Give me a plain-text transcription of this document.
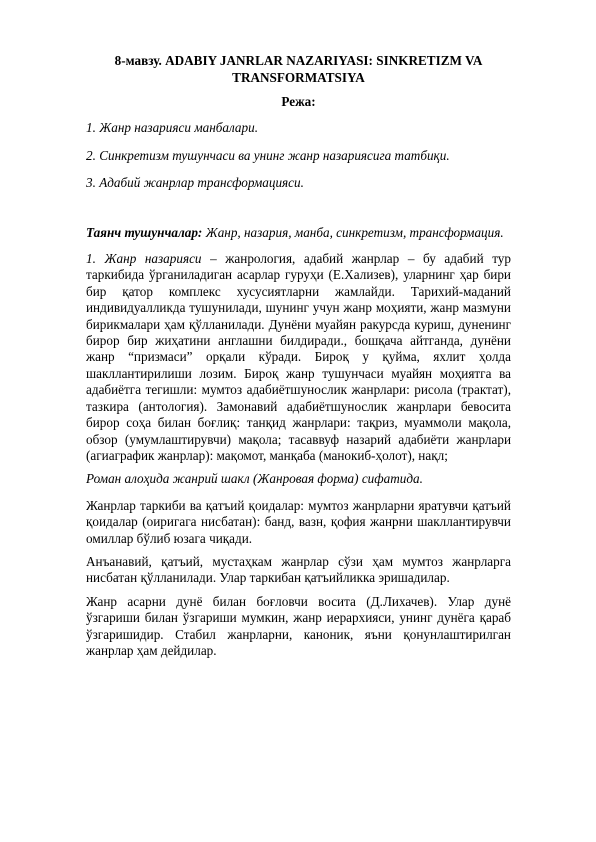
8-мавзу. ADABIY JANRLAR NAZARIYASI: SINKRETIZM VA
TRANSFORMATSIYA
Режа:
1. Жанр назарияси манбалари.
2. Синкретизм тушунчаси ва унинг жанр назариясига татбиқи.
3. Адабий жанрлар трансформацияси.
Таянч тушунчалар: Жанр, назария, манба, синкретизм, трансформация.
1. Жанр назарияси – жанрология, адабий жанрлар – бу адабий тур таркибида ўрганиладиган асарлар гуруҳи (Е.Хализев), уларнинг ҳар бири бир қатор комплекс хусусиятларни жамлайди. Тарихий-маданий индивидуалликда тушунилади, шунинг учун жанр моҳияти, жанр мазмуни бирикмалари ҳам қўлланилади. Дунёни муайян ракурсда куриш, дуненинг бирор бир жиҳатини англашни билдиради., бошқача айтганда, дунёни жанр “призмаси” орқали кўради. Бироқ у қуйма, яхлит ҳолда шакллантирилиши лозим. Бироқ жанр тушунчаси муайян моҳиятга ва адабиётга тегишли: мумтоз адабиётшунослик жанрлари: рисола (трактат), тазкира (антология). Замонавий адабиётшунослик жанрлари бевосита бирор соҳа билан боғлиқ: танқид жанрлари: тақриз, муаммоли мақола, обзор (умумлаштирувчи) мақола; тасаввуф назарий адабиёти жанрлари (агиаграфик жанрлар): мақомот, манқаба (манокиб-ҳолот), нақл;
Роман алоҳида жанрий шакл (Жанровая форма) сифатида.
Жанрлар таркиби ва қатъий қоидалар: мумтоз жанрларни яратувчи қатъий қоидалар (оиригага нисбатан): банд, вазн, қофия жанрни шакллантирувчи омиллар бўлиб юзага чиқади.
Анъанавий, қатъий, мустаҳкам жанрлар сўзи ҳам мумтоз жанрларга нисбатан қўлланилади. Улар таркибан қатъийликка эришадилар.
Жанр асарни дунё билан боғловчи восита (Д.Лихачев). Улар дунё ўзгариши билан ўзгариши мумкин, жанр иерархияси, унинг дунёга қараб ўзгаришидир. Стабил жанрларни, каноник, яъни қонунлаштирилган жанрлар ҳам дейдилар.
